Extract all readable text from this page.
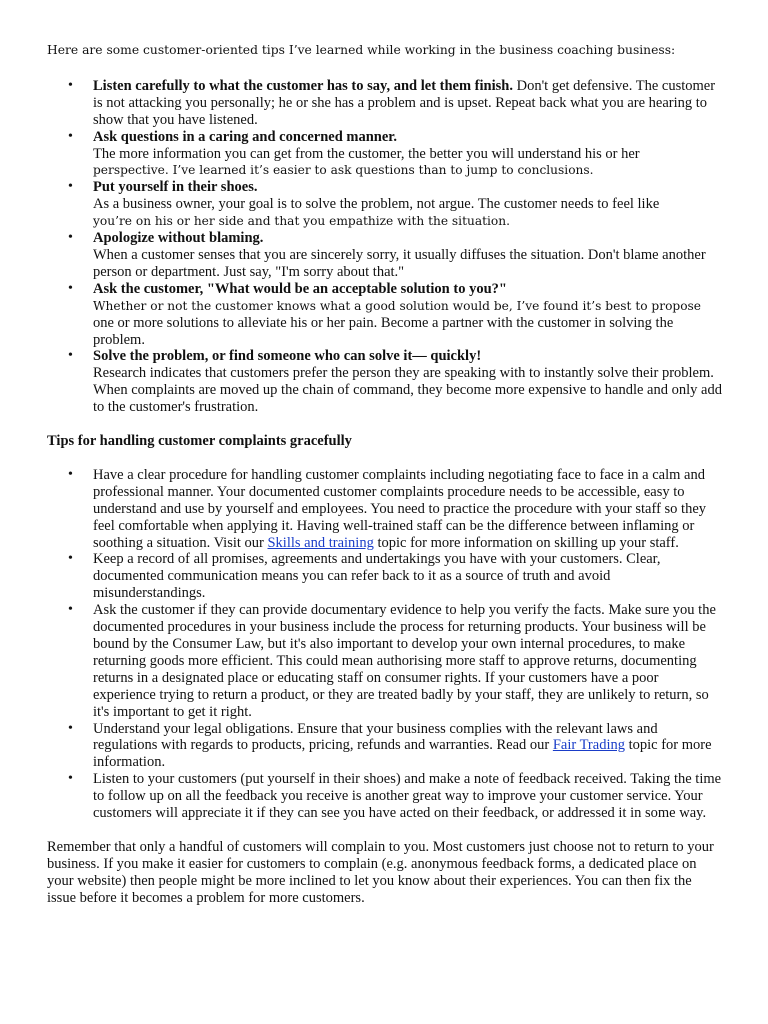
Here are some customer-oriented tips I’ve learned while working in the business coaching business:

• Listen carefully to what the customer has to say, and let them finish. Don't get defensive. The customer is not attacking you personally; he or she has a problem and is upset. Repeat back what you are hearing to show that you have listened.
• Ask questions in a caring and concerned manner.
The more information you can get from the customer, the better you will understand his or her
perspective. I’ve learned it’s easier to ask questions than to jump to conclusions.
• Put yourself in their shoes.
As a business owner, your goal is to solve the problem, not argue. The customer needs to feel like
you’re on his or her side and that you empathize with the situation.
• Apologize without blaming.
When a customer senses that you are sincerely sorry, it usually diffuses the situation. Don't blame another person or department. Just say, "I'm sorry about that."
• Ask the customer, "What would be an acceptable solution to you?"
Whether or not the customer knows what a good solution would be, I’ve found it’s best to propose
one or more solutions to alleviate his or her pain. Become a partner with the customer in solving the problem.
• Solve the problem, or find someone who can solve it— quickly!
Research indicates that customers prefer the person they are speaking with to instantly solve their problem. When complaints are moved up the chain of command, they become more expensive to handle and only add to the customer's frustration.

Tips for handling customer complaints gracefully

• Have a clear procedure for handling customer complaints including negotiating face to face in a calm and professional manner. Your documented customer complaints procedure needs to be accessible, easy to understand and use by yourself and employees. You need to practice the procedure with your staff so they feel comfortable when applying it. Having well-trained staff can be the difference between inflaming or soothing a situation. Visit our Skills and training topic for more information on skilling up your staff.
• Keep a record of all promises, agreements and undertakings you have with your customers. Clear, documented communication means you can refer back to it as a source of truth and avoid misunderstandings.
• Ask the customer if they can provide documentary evidence to help you verify the facts. Make sure you the documented procedures in your business include the process for returning products. Your business will be bound by the Consumer Law, but it's also important to develop your own internal procedures, to make returning goods more efficient. This could mean authorising more staff to approve returns, documenting returns in a designated place or educating staff on consumer rights. If your customers have a poor experience trying to return a product, or they are treated badly by your staff, they are unlikely to return, so it's important to get it right.
• Understand your legal obligations. Ensure that your business complies with the relevant laws and regulations with regards to products, pricing, refunds and warranties. Read our Fair Trading topic for more information.
• Listen to your customers (put yourself in their shoes) and make a note of feedback received. Taking the time to follow up on all the feedback you receive is another great way to improve your customer service. Your customers will appreciate it if they can see you have acted on their feedback, or addressed it in some way.

Remember that only a handful of customers will complain to you. Most customers just choose not to return to your business. If you make it easier for customers to complain (e.g. anonymous feedback forms, a dedicated place on your website) then people might be more inclined to let you know about their experiences. You can then fix the issue before it becomes a problem for more customers.
